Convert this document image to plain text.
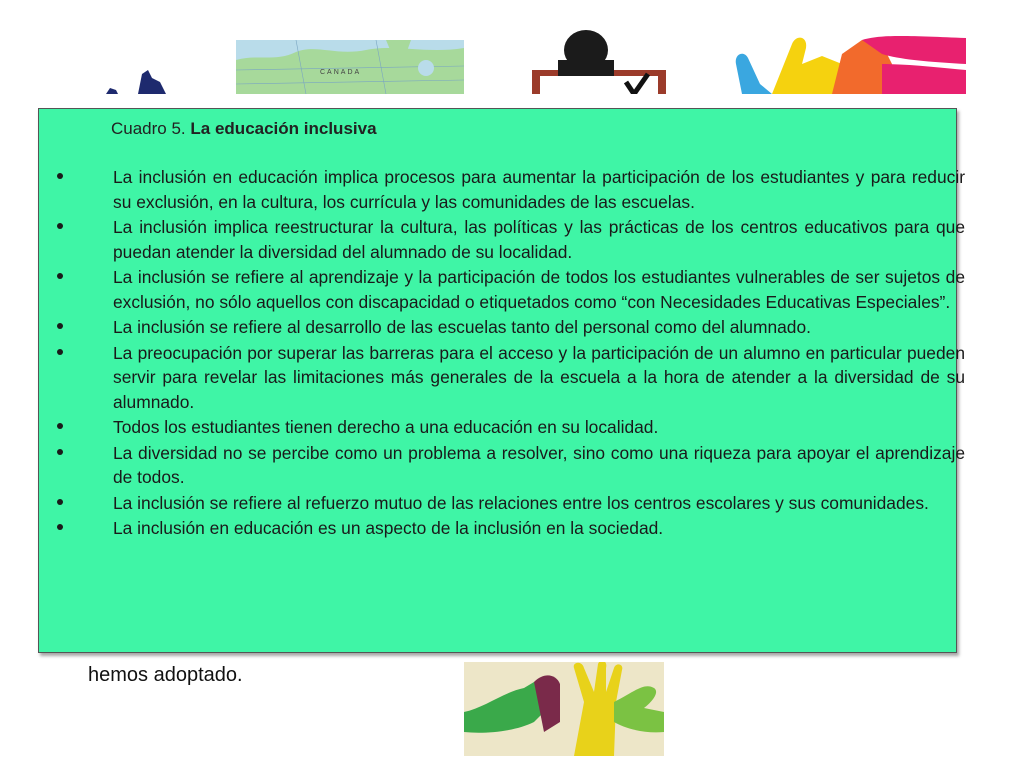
CANADA
Cuadro 5. La educación inclusiva
La inclusión en educación implica procesos para aumentar la participación de los estudiantes y para reducir su exclusión, en la cultura, los currícula y las comunidades de las escuelas.
La inclusión implica reestructurar la cultura, las políticas y las prácticas de los centros educativos para que puedan atender la diversidad del alumnado de su localidad.
La inclusión se refiere al aprendizaje y la participación de todos los estudiantes vulnerables de ser sujetos de exclusión, no sólo aquellos con discapacidad o etiquetados como “con Necesidades Educativas Especiales”.
La inclusión se refiere al desarrollo de las escuelas tanto del personal como del alumnado.
La preocupación por superar las barreras para el acceso y la participación de un alumno en particular pueden servir para revelar las limitaciones más generales de la escuela a la hora de atender a la diversidad de su alumnado.
Todos los estudiantes tienen derecho a una educación en su localidad.
La diversidad no se percibe como un problema a resolver, sino como una riqueza para apoyar el aprendizaje de todos.
La inclusión se refiere al refuerzo mutuo de las relaciones entre los centros escolares y sus comunidades.
La inclusión en educación es un aspecto de la inclusión en la sociedad.

hemos adoptado.
